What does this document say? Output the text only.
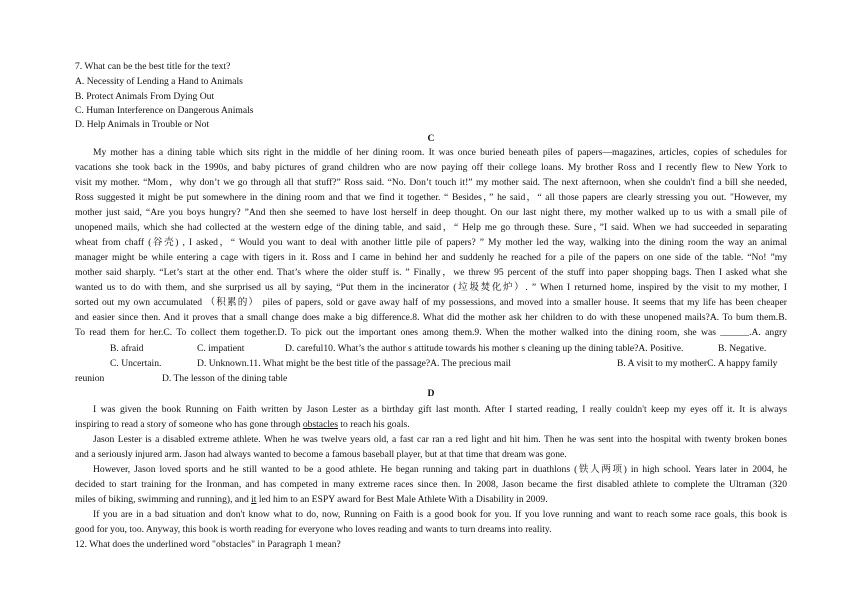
7. What can be the best title for the text?
A. Necessity of Lending a Hand to Animals
B. Protect Animals From Dying Out
C. Human Interference on Dangerous Animals
D. Help Animals in Trouble or Not
C
My mother has a dining table which sits right in the middle of her dining room. It was once buried beneath piles of papers—magazines, articles, copies of schedules for
vacations she took back in the 1990s, and baby pictures of grand children who are now paying off their college loans. My brother Ross and I recently flew to New York to
visit my mother. “Mom，why don’t we go through all that stuff?” Ross said. “No. Don’t touch it!” my mother said. The next afternoon, when she couldn't find a bill she needed,
Ross suggested it might be put somewhere in the dining room and that we find it together. “ Besides，” he said，“ all those papers are clearly stressing you out. "However, my
mother just said, “Are you boys hungry? ”And then she seemed to have lost herself in deep thought. On our last night there, my mother walked up to us with a small pile of
unopened mails, which she had collected at the western edge of the dining table, and said，“ Help me go through these. Sure，”I said. When we had succeeded in separating
wheat from chaff (谷壳) , I asked，“ Would you want to deal with another little pile of papers? ” My mother led the way, walking into the dining room the way an animal
manager might be while entering a cage with tigers in it. Ross and I came in behind her and suddenly he reached for a pile of the papers on one side of the table. “No! ”my
mother said sharply. “Let’s start at the other end. That’s where the older stuff is. ” Finally，we threw 95 percent of the stuff into paper shopping bags. Then I asked what she
wanted us to do with them, and she surprised us all by saying, “Put them in the incinerator (垃圾焚化炉）. ” When I returned home, inspired by the visit to my mother, I
sorted out my own accumulated （积累的） piles of papers, sold or gave away half of my possessions, and moved into a smaller house. It seems that my life has been cheaper
and easier since then. And it proves that a small change does make a big difference.8. What did the mother ask her children to do with these unopened mails?A. To bum them.B.
To read them for her.C. To collect them together.D. To pick out the important ones among them.9. When the mother walked into the dining room, she was ______.A. angry
B. afraid	C. impatient	D. careful10. What’s the author s attitude towards his mother s cleaning up the dining table?A. Positive.	B. Negative.
C. Uncertain.	D. Unknown.11. What might be the best title of the passage?A. The precious mail	B. A visit to my motherC. A happy family
reunion	D. The lesson of the dining table
D
I was given the book Running on Faith written by Jason Lester as a birthday gift last month. After I started reading, I really couldn't keep my eyes off it. It is always
inspiring to read a story of someone who has gone through obstacles to reach his goals.
Jason Lester is a disabled extreme athlete. When he was twelve years old, a fast car ran a red light and hit him. Then he was sent into the hospital with twenty broken bones
and a seriously injured arm. Jason had always wanted to become a famous baseball player, but at that time that dream was gone.
However, Jason loved sports and he still wanted to be a good athlete. He began running and taking part in duathlons (铁人两项) in high school. Years later in 2004, he
decided to start training for the Ironman, and has competed in many extreme races since then. In 2008, Jason became the first disabled athlete to complete the Ultraman (320
miles of biking, swimming and running), and it led him to an ESPY award for Best Male Athlete With a Disability in 2009.
If you are in a bad situation and don't know what to do, now, Running on Faith is a good book for you. If you love running and want to reach some race goals, this book is
good for you, too. Anyway, this book is worth reading for everyone who loves reading and wants to turn dreams into reality.
12. What does the underlined word "obstacles" in Paragraph 1 mean?
